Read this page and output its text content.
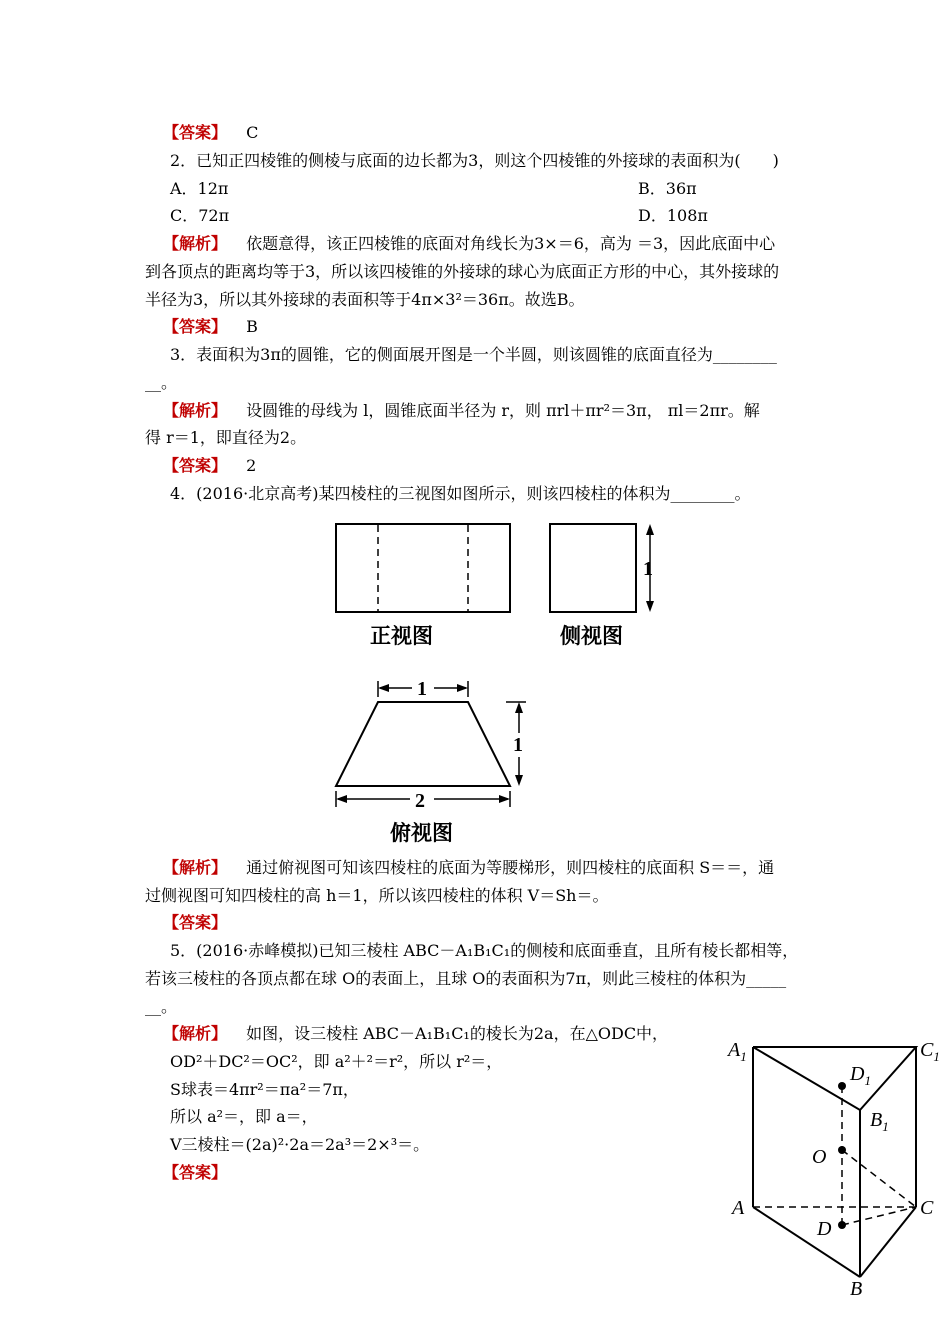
【答案】 C
2．已知正四棱锥的侧棱与底面的边长都为3，则这个四棱锥的外接球的表面积为(　　)
A．12π	B．36π
C．72π	D．108π
【解析】 依题意得，该正四棱锥的底面对角线长为3×＝6，高为 ＝3，因此底面中心
到各顶点的距离均等于3，所以该四棱锥的外接球的球心为底面正方形的中心，其外接球的
半径为3，所以其外接球的表面积等于4π×3²＝36π。故选B。
【答案】 B
3．表面积为3π的圆锥，它的侧面展开图是一个半圆，则该圆锥的底面直径为________
__。
【解析】 设圆锥的母线为 l，圆锥底面半径为 r，则 πrl＋πr²＝3π， πl＝2πr。解
得 r＝1，即直径为2。
【答案】 2
4．(2016·北京高考)某四棱柱的三视图如图所示，则该四棱柱的体积为________。
正视图
1
侧视图
1
1
2
俯视图
【解析】 通过俯视图可知该四棱柱的底面为等腰梯形，则四棱柱的底面积 S＝＝，通
过侧视图可知四棱柱的高 h＝1，所以该四棱柱的体积 V＝Sh＝。
【答案】
5．(2016·赤峰模拟)已知三棱柱 ABC－A₁B₁C₁的侧棱和底面垂直，且所有棱长都相等，
若该三棱柱的各顶点都在球 O的表面上，且球 O的表面积为7π，则此三棱柱的体积为_____
__。
【解析】 如图，设三棱柱 ABC－A₁B₁C₁的棱长为2a，在△ODC中，
OD²＋DC²＝OC²，即 a²＋²＝r²，所以 r²＝，
S球表＝4πr²＝πa²＝7π，
所以 a²＝，即 a＝，
V三棱柱＝(2a)²·2a＝2a³＝2×³＝。
【答案】
$A_1$	$C_1$
$D_1$
$B_1$
O
A	C
D
B
